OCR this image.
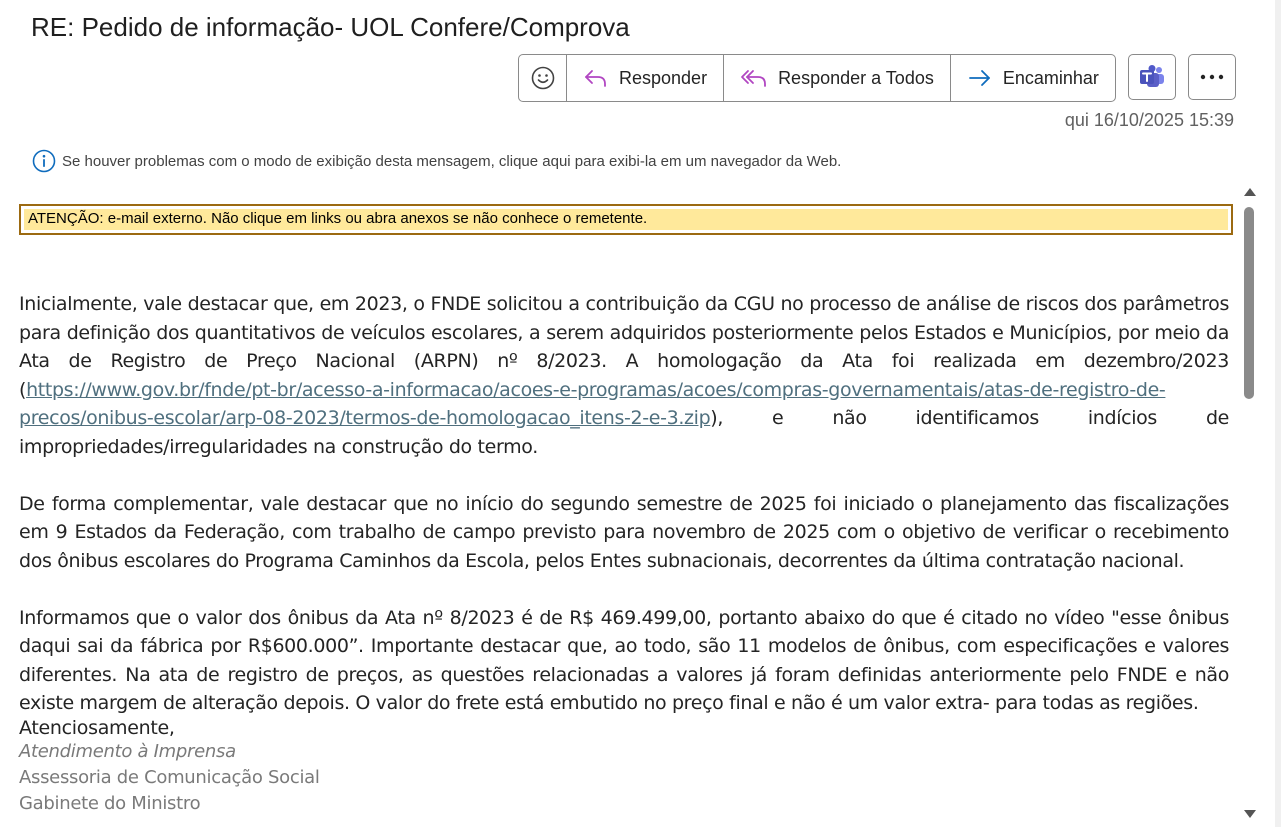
RE: Pedido de informação- UOL Confere/Comprova
Responder	Responder a Todos	Encaminhar
qui 16/10/2025 15:39
Se houver problemas com o modo de exibição desta mensagem, clique aqui para exibi-la em um navegador da Web.
ATENÇÃO: e-mail externo. Não clique em links ou abra anexos se não conhece o remetente.

Inicialmente, vale destacar que, em 2023, o FNDE solicitou a contribuição da CGU no processo de análise de riscos dos parâmetros para definição dos quantitativos de veículos escolares, a serem adquiridos posteriormente pelos Estados e Municípios, por meio da Ata de Registro de Preço Nacional (ARPN) nº 8/2023. A homologação da Ata foi realizada em dezembro/2023 (https://www.gov.br/fnde/pt-br/acesso-a-informacao/acoes-e-programas/acoes/compras-governamentais/atas-de-registro-de-precos/onibus-escolar/arp-08-2023/termos-de-homologacao_itens-2-e-3.zip), e não identificamos indícios de impropriedades/irregularidades na construção do termo.

De forma complementar, vale destacar que no início do segundo semestre de 2025 foi iniciado o planejamento das fiscalizações em 9 Estados da Federação, com trabalho de campo previsto para novembro de 2025 com o objetivo de verificar o recebimento dos ônibus escolares do Programa Caminhos da Escola, pelos Entes subnacionais, decorrentes da última contratação nacional.

Informamos que o valor dos ônibus da Ata nº 8/2023 é de R$ 469.499,00, portanto abaixo do que é citado no vídeo "esse ônibus daqui sai da fábrica por R$600.000”. Importante destacar que, ao todo, são 11 modelos de ônibus, com especificações e valores diferentes. Na ata de registro de preços, as questões relacionadas a valores já foram definidas anteriormente pelo FNDE e não existe margem de alteração depois. O valor do frete está embutido no preço final e não é um valor extra- para todas as regiões.

Atenciosamente,
Atendimento à Imprensa
Assessoria de Comunicação Social
Gabinete do Ministro
